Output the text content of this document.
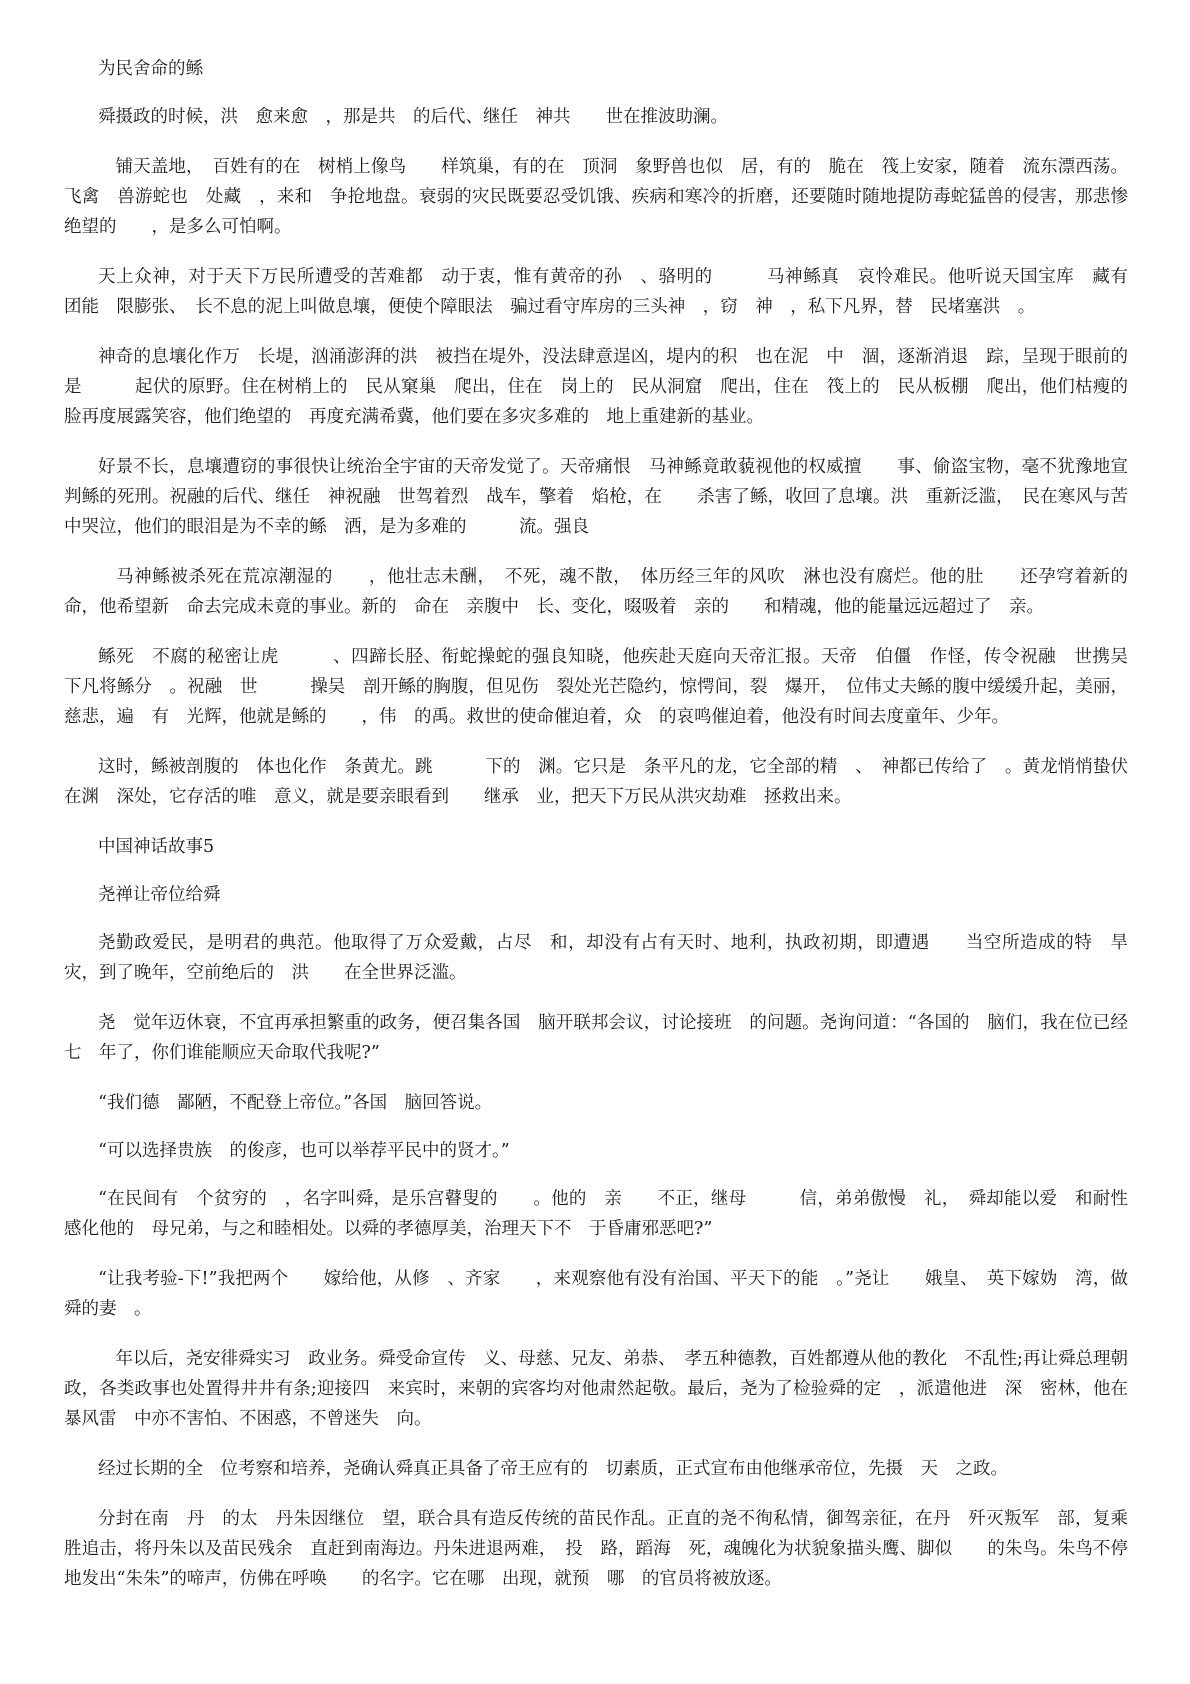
为民舍命的鲧

舜摄政的时候，洪　愈来愈　，那是共　的后代、继任　神共　　世在推波助澜。

　铺天盖地，　百姓有的在　树梢上像鸟　　样筑巢，有的在　顶洞　象野兽也似　居，有的　脆在　筏上安家，随着　流东漂西荡。飞禽　兽游蛇也　处藏　，来和　争抢地盘。衰弱的灾民既要忍受饥饿、疾病和寒冷的折磨，还要随时随地提防毒蛇猛兽的侵害，那悲惨绝望的　　，是多么可怕啊。

天上众神，对于天下万民所遭受的苦难都　动于衷，惟有黄帝的孙　、骆明的　　　马神鲧真　哀怜难民。他听说天国宝库　藏有　团能　限膨张、　长不息的泥上叫做息壤，便使个障眼法　骗过看守库房的三头神　，窃　神　，私下凡界，替　民堵塞洪　。

神奇的息壤化作万　长堤，汹涌澎湃的洪　被挡在堤外，没法肆意逞凶，堤内的积　也在泥　中　涸，逐渐消退　踪，呈现于眼前的是　　　起伏的原野。住在树梢上的　民从窠巢　爬出，住在　岗上的　民从洞窟　爬出，住在　筏上的　民从板棚　爬出，他们枯瘦的脸再度展露笑容，他们绝望的　再度充满希冀，他们要在多灾多难的　地上重建新的基业。

好景不长，息壤遭窃的事很快让统治全宇宙的天帝发觉了。天帝痛恨　马神鲧竟敢藐视他的权威擅　　事、偷盗宝物，毫不犹豫地宣判鲧的死刑。祝融的后代、继任　神祝融　世驾着烈　战车，擎着　焰枪，在　　杀害了鲧，收回了息壤。洪　重新泛滥，　民在寒风与苦　中哭泣，他们的眼泪是为不幸的鲧　洒，是为多难的　　　流。强良

　马神鲧被杀死在荒凉潮湿的　　，他壮志未酬，　不死，魂不散，　体历经三年的风吹　淋也没有腐烂。他的肚　　还孕穹着新的　命，他希望新　命去完成未竟的事业。新的　命在　亲腹中　长、变化，啜吸着　亲的　　和精魂，他的能量远远超过了　亲。

鲧死　不腐的秘密让虎　　　、四蹄长胫、衔蛇操蛇的强良知晓，他疾赴天庭向天帝汇报。天帝　伯僵　作怪，传令祝融　世携吴　下凡将鲧分　。祝融　世　　　操吴　剖开鲧的胸腹，但见伤　裂处光芒隐约，惊愕间，裂　爆开，　位伟丈夫鲧的腹中缓缓升起，美丽，慈悲，遍　有　光辉，他就是鲧的　　，伟　的禹。救世的使命催迫着，众　的哀鸣催迫着，他没有时间去度童年、少年。

这时，鲧被剖腹的　体也化作　条黄尤。跳　　　下的　渊。它只是　条平凡的龙，它全部的精　、　神都已传给了　。黄龙悄悄蛰伏在渊　深处，它存活的唯　意义，就是要亲眼看到　　继承　业，把天下万民从洪灾劫难　拯救出来。

中国神话故事5

尧禅让帝位给舜

尧勤政爱民，是明君的典范。他取得了万众爱戴，占尽　和，却没有占有天时、地利，执政初期，即遭遇　　当空所造成的特　旱灾，到了晚年，空前绝后的　洪　　在全世界泛滥。

尧　觉年迈休衰，不宜再承担繁重的政务，便召集各国　脑开联邦会议，讨论接班　的问题。尧询问道：“各国的　脑们，我在位已经七　年了，你们谁能顺应天命取代我呢?”

“我们德　鄙陋，不配登上帝位。”各国　脑回答说。

“可以选择贵族　的俊彦，也可以举荐平民中的贤才。”

“在民间有　个贫穷的　，名字叫舜，是乐宫瞽叟的　　。他的　亲　　不正，继母　　　信，弟弟傲慢　礼，　舜却能以爱　和耐性感化他的　母兄弟，与之和睦相处。以舜的孝德厚美，治理天下不　于昏庸邪恶吧?”

“让我考验-下!”我把两个　　嫁给他，从修　、齐家　　，来观察他有没有治国、平天下的能　。”尧让　　娥皇、　英下嫁妫　湾，做舜的妻　。

　年以后，尧安徘舜实习　政业务。舜受命宣传　义、母慈、兄友、弟恭、　孝五种德教，百姓都遵从他的教化　不乱性;再让舜总理朝政，各类政事也处置得井井有条;迎接四　来宾时，来朝的宾客均对他肃然起敬。最后，尧为了检验舜的定　，派遣他进　深　密林，他在暴风雷　中亦不害怕、不困惑，不曾迷失　向。

经过长期的全　位考察和培养，尧确认舜真正具备了帝王应有的　切素质，正式宣布由他继承帝位，先摄　天　之政。

分封在南　丹　的太　丹朱因继位　望，联合具有造反传统的苗民作乱。正直的尧不徇私情，御驾亲征，在丹　歼灭叛军　部，复乘胜追击，将丹朱以及苗民残余　直赶到南海边。丹朱进退两难，　投　路，蹈海　死，魂魄化为状貌象描头鹰、脚似　　的朱鸟。朱鸟不停地发出“朱朱”的啼声，仿佛在呼唤　　的名字。它在哪　出现，就预　哪　的官员将被放逐。
